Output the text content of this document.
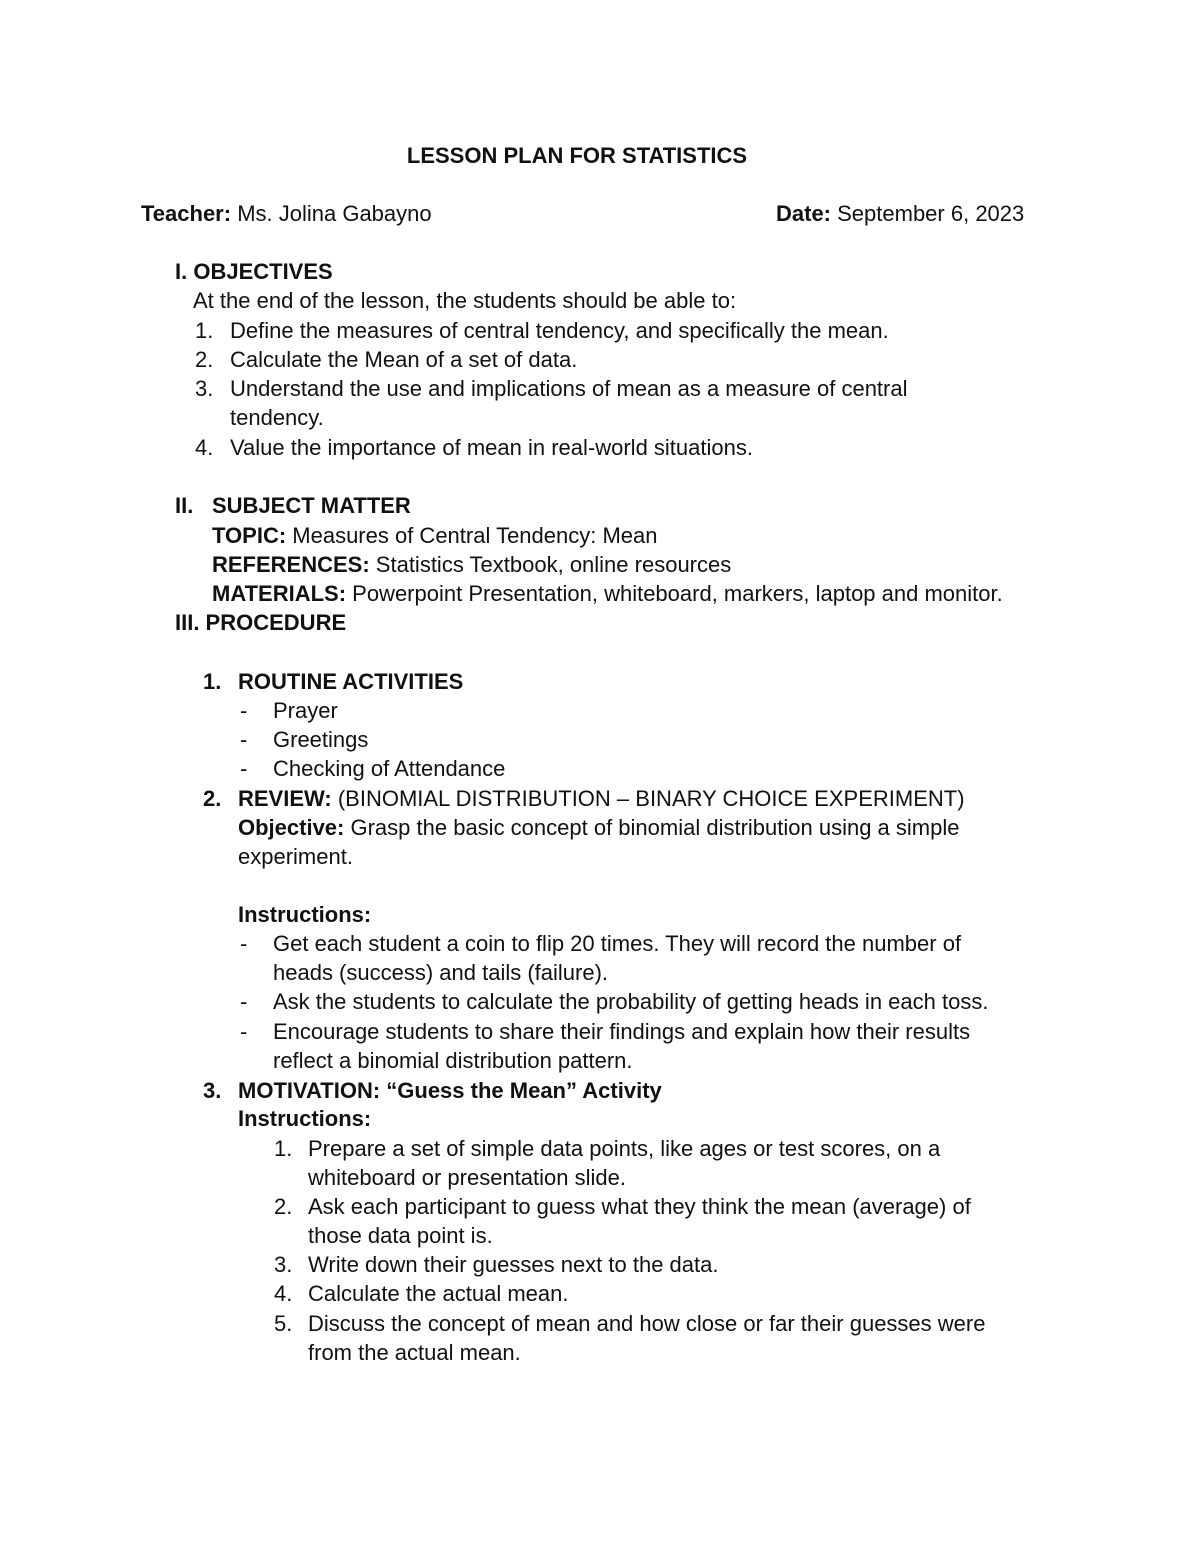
LESSON PLAN FOR STATISTICS
Teacher: Ms. Jolina Gabayno	Date: September 6, 2023
I. OBJECTIVES
At the end of the lesson, the students should be able to:
1. Define the measures of central tendency, and specifically the mean.
2. Calculate the Mean of a set of data.
3. Understand the use and implications of mean as a measure of central
tendency.
4. Value the importance of mean in real-world situations.
II. SUBJECT MATTER
TOPIC: Measures of Central Tendency: Mean
REFERENCES: Statistics Textbook, online resources
MATERIALS: Powerpoint Presentation, whiteboard, markers, laptop and monitor.
III. PROCEDURE
1. ROUTINE ACTIVITIES
- Prayer
- Greetings
- Checking of Attendance
2. REVIEW: (BINOMIAL DISTRIBUTION – BINARY CHOICE EXPERIMENT)
Objective: Grasp the basic concept of binomial distribution using a simple
experiment.
Instructions:
- Get each student a coin to flip 20 times. They will record the number of
heads (success) and tails (failure).
- Ask the students to calculate the probability of getting heads in each toss.
- Encourage students to share their findings and explain how their results
reflect a binomial distribution pattern.
3. MOTIVATION: “Guess the Mean” Activity
Instructions:
1. Prepare a set of simple data points, like ages or test scores, on a
whiteboard or presentation slide.
2. Ask each participant to guess what they think the mean (average) of
those data point is.
3. Write down their guesses next to the data.
4. Calculate the actual mean.
5. Discuss the concept of mean and how close or far their guesses were
from the actual mean.
